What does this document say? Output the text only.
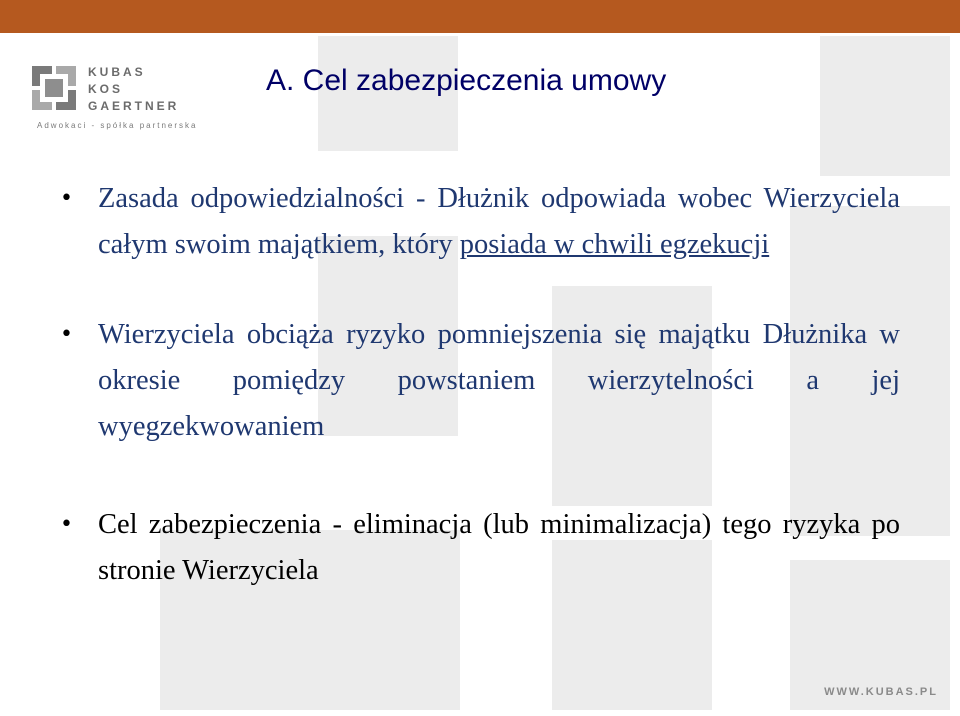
KUBAS
KOS
GAERTNER
Adwokaci - spółka partnerska
A. Cel zabezpieczenia umowy

• Zasada odpowiedzialności - Dłużnik odpowiada wobec Wierzyciela całym swoim majątkiem, który posiada w chwili egzekucji

• Wierzyciela obciąża ryzyko pomniejszenia się majątku Dłużnika w okresie pomiędzy powstaniem wierzytelności a jej wyegzekwowaniem

• Cel zabezpieczenia - eliminacja (lub minimalizacja) tego ryzyka po stronie Wierzyciela

WWW.KUBAS.PL
